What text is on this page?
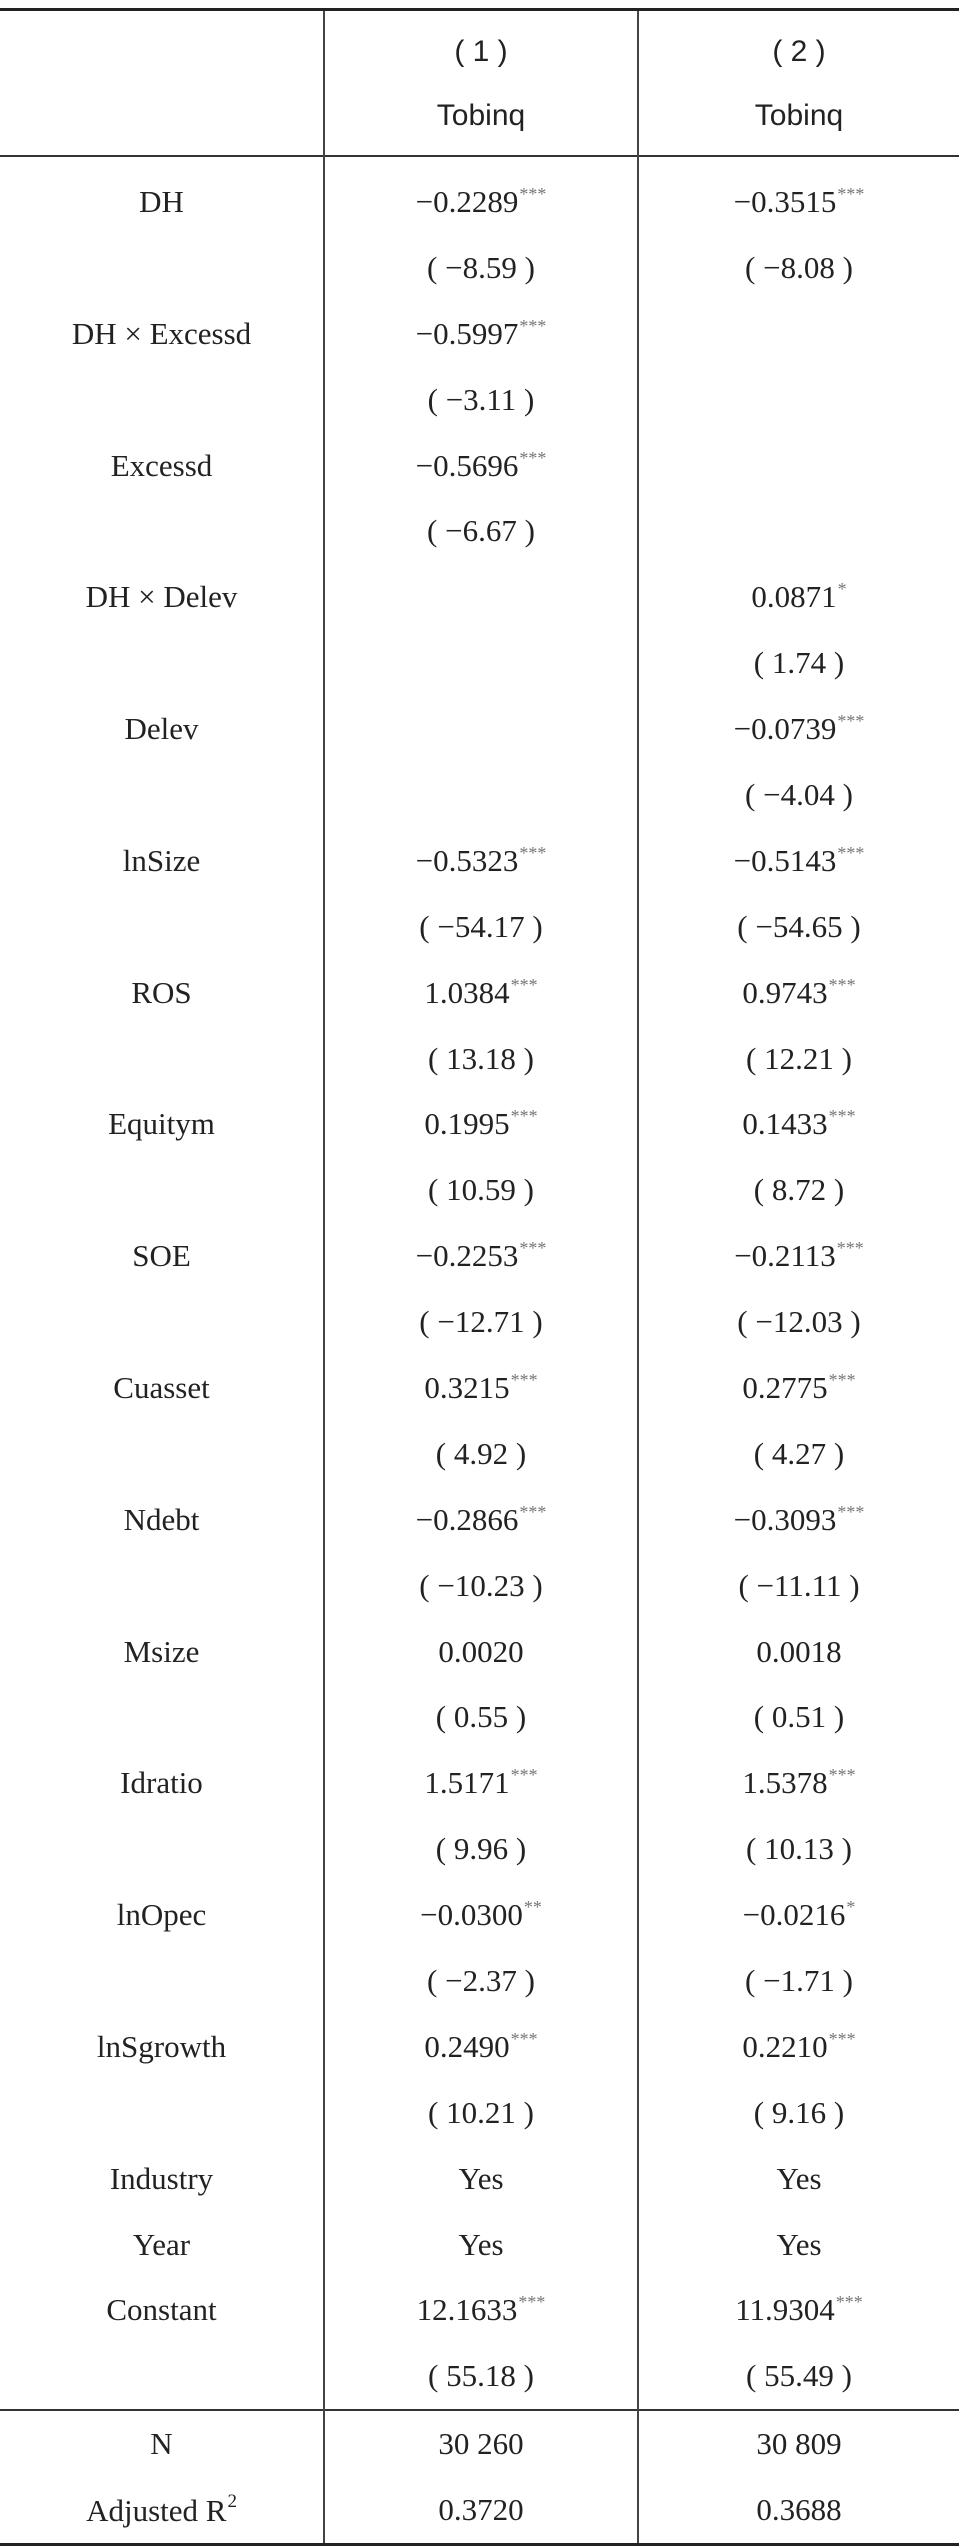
	( 1 )	( 2 )
	Tobinq	Tobinq
DH	−0.2289***	−0.3515***
	( −8.59 )	( −8.08 )
DH × Excessd	−0.5997***	
	( −3.11 )	
Excessd	−0.5696***	
	( −6.67 )	
DH × Delev		0.0871*
		( 1.74 )
Delev		−0.0739***
		( −4.04 )
lnSize	−0.5323***	−0.5143***
	( −54.17 )	( −54.65 )
ROS	1.0384***	0.9743***
	( 13.18 )	( 12.21 )
Equitym	0.1995***	0.1433***
	( 10.59 )	( 8.72 )
SOE	−0.2253***	−0.2113***
	( −12.71 )	( −12.03 )
Cuasset	0.3215***	0.2775***
	( 4.92 )	( 4.27 )
Ndebt	−0.2866***	−0.3093***
	( −10.23 )	( −11.11 )
Msize	0.0020	0.0018
	( 0.55 )	( 0.51 )
Idratio	1.5171***	1.5378***
	( 9.96 )	( 10.13 )
lnOpec	−0.0300**	−0.0216*
	( −2.37 )	( −1.71 )
lnSgrowth	0.2490***	0.2210***
	( 10.21 )	( 9.16 )
Industry	Yes	Yes
Year	Yes	Yes
Constant	12.1633***	11.9304***
	( 55.18 )	( 55.49 )
N	30 260	30 809
Adjusted $R^2$	0.3720	0.3688
